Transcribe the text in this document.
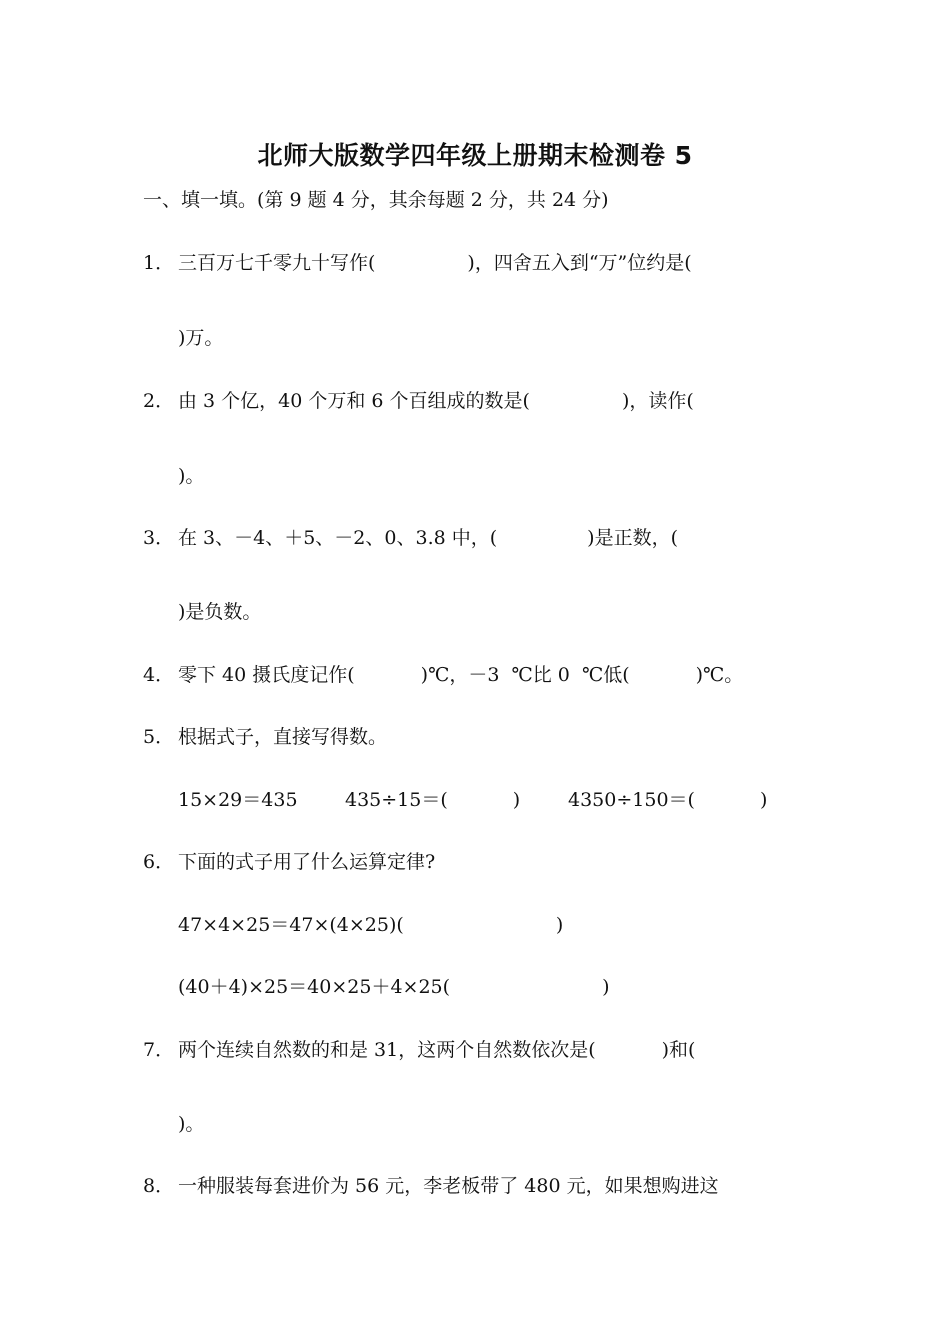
北师大版数学四年级上册期末检测卷 5
一、填一填。(第 9 题 4 分，其余每题 2 分，共 24 分)
1． 三百万七千零九十写作(	)，四舍五入到“万”位约是(
)万。
2． 由 3 个亿，40 个万和 6 个百组成的数是(	)，读作(
)。
3． 在 3、－4、＋5、－2、0、3.8 中，(	)是正数，(
)是负数。
4． 零下 40 摄氏度记作(	)℃，－3  ℃比 0  ℃低(	)℃。
5． 根据式子，直接写得数。
15×29＝435 435÷15＝(	)	4350÷150＝(	)
6． 下面的式子用了什么运算定律?
47×4×25＝47×(4×25)(	)
(40＋4)×25＝40×25＋4×25(	)
7． 两个连续自然数的和是 31，这两个自然数依次是(	)和(
)。
8． 一种服装每套进价为 56 元，李老板带了 480 元，如果想购进这
